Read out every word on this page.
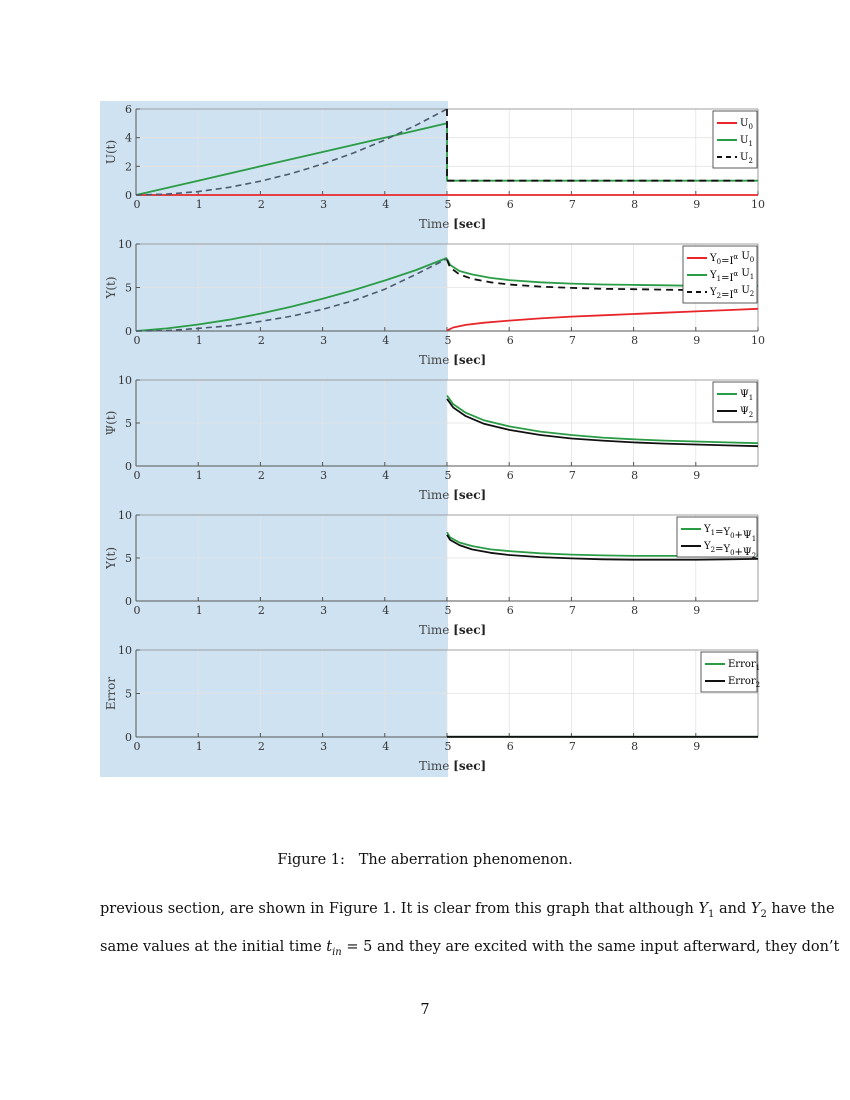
0
2
4
6
0	1	2	3	4	5	6	7	8	9	10
U(t)
Time [sec]
$U_0$
$U_1$
$U_2$
0
5
10
0	1	2	3	4	5	6	7	8	9	10
Y(t)
Time [sec]
$Y_0=I^\alpha$ $U_0$
$Y_1=I^\alpha$ $U_1$
$Y_2=I^\alpha$ $U_2$
0
5
10
0	1	2	3	4	5	6	7	8	9
Ψ(t)
Time [sec]
$\Psi_1$
$\Psi_2$
0
5
10
0	1	2	3	4	5	6	7	8	9
Y(t)
Time [sec]
$Y_1=Y_0+\Psi_1$
$Y_2=Y_0+\Psi_2$
0
5
10
0	1	2	3	4	5	6	7	8	9
Error
Time [sec]
Error$_1$
Error$_2$
Figure 1: The aberration phenomenon.
previous section, are shown in Figure 1. It is clear from this graph that although $Y_1$ and $Y_2$ have the
same values at the initial time $t_{in} = 5$ and they are excited with the same input afterward, they don’t
7
